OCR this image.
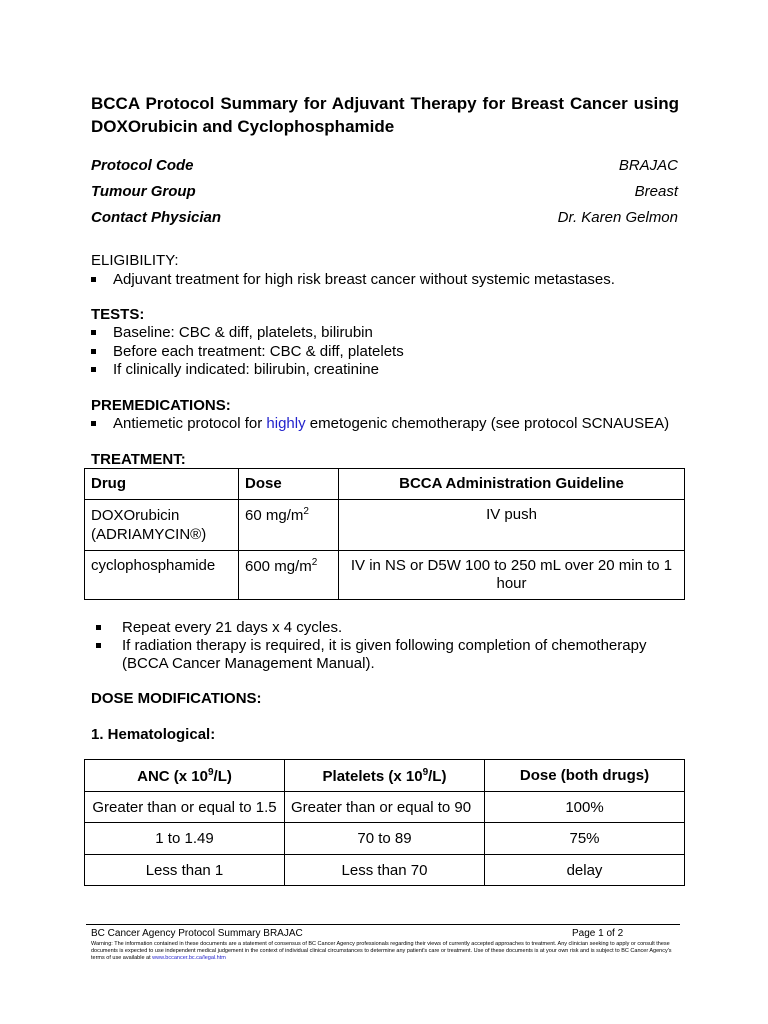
BCCA Protocol Summary for Adjuvant Therapy for Breast Cancer using DOXOrubicin and Cyclophosphamide
Protocol Code	BRAJAC
Tumour Group	Breast
Contact Physician	Dr. Karen Gelmon
ELIGIBILITY:
Adjuvant treatment for high risk breast cancer without systemic metastases.
TESTS:
Baseline: CBC & diff, platelets, bilirubin
Before each treatment: CBC & diff, platelets
If clinically indicated: bilirubin, creatinine
PREMEDICATIONS:
Antiemetic protocol for highly emetogenic chemotherapy (see protocol SCNAUSEA)
TREATMENT:
Drug	Dose	BCCA Administration Guideline

DOXOrubicin
(ADRIAMYCIN®)	60 $mg/m^2$	IV push
cyclophosphamide	600 $mg/m^2$	IV in NS or D5W 100 to 250 mL over 20 min to 1 hour
Repeat every 21 days x 4 cycles.
If radiation therapy is required, it is given following completion of chemotherapy
(BCCA Cancer Management Manual).
DOSE MODIFICATIONS:
1. Hematological:
ANC (x $10^9/L$)	Platelets (x $10^9/L$)	Dose (both drugs)
Greater than or equal to 1.5	Greater than or equal to 90	100%
1 to 1.49	70 to 89	75%
Less than 1	Less than 70	delay
BC Cancer Agency Protocol Summary BRAJAC	Page 1 of 2
Warning: The information contained in these documents are a statement of consensus of BC Cancer Agency professionals regarding their views of currently accepted approaches to treatment. Any clinician seeking to apply or consult these documents is expected to use independent medical judgement in the context of individual clinical circumstances to determine any patient's care or treatment. Use of these documents is at your own risk and is subject to BC Cancer Agency's terms of use available at www.bccancer.bc.ca/legal.htm
